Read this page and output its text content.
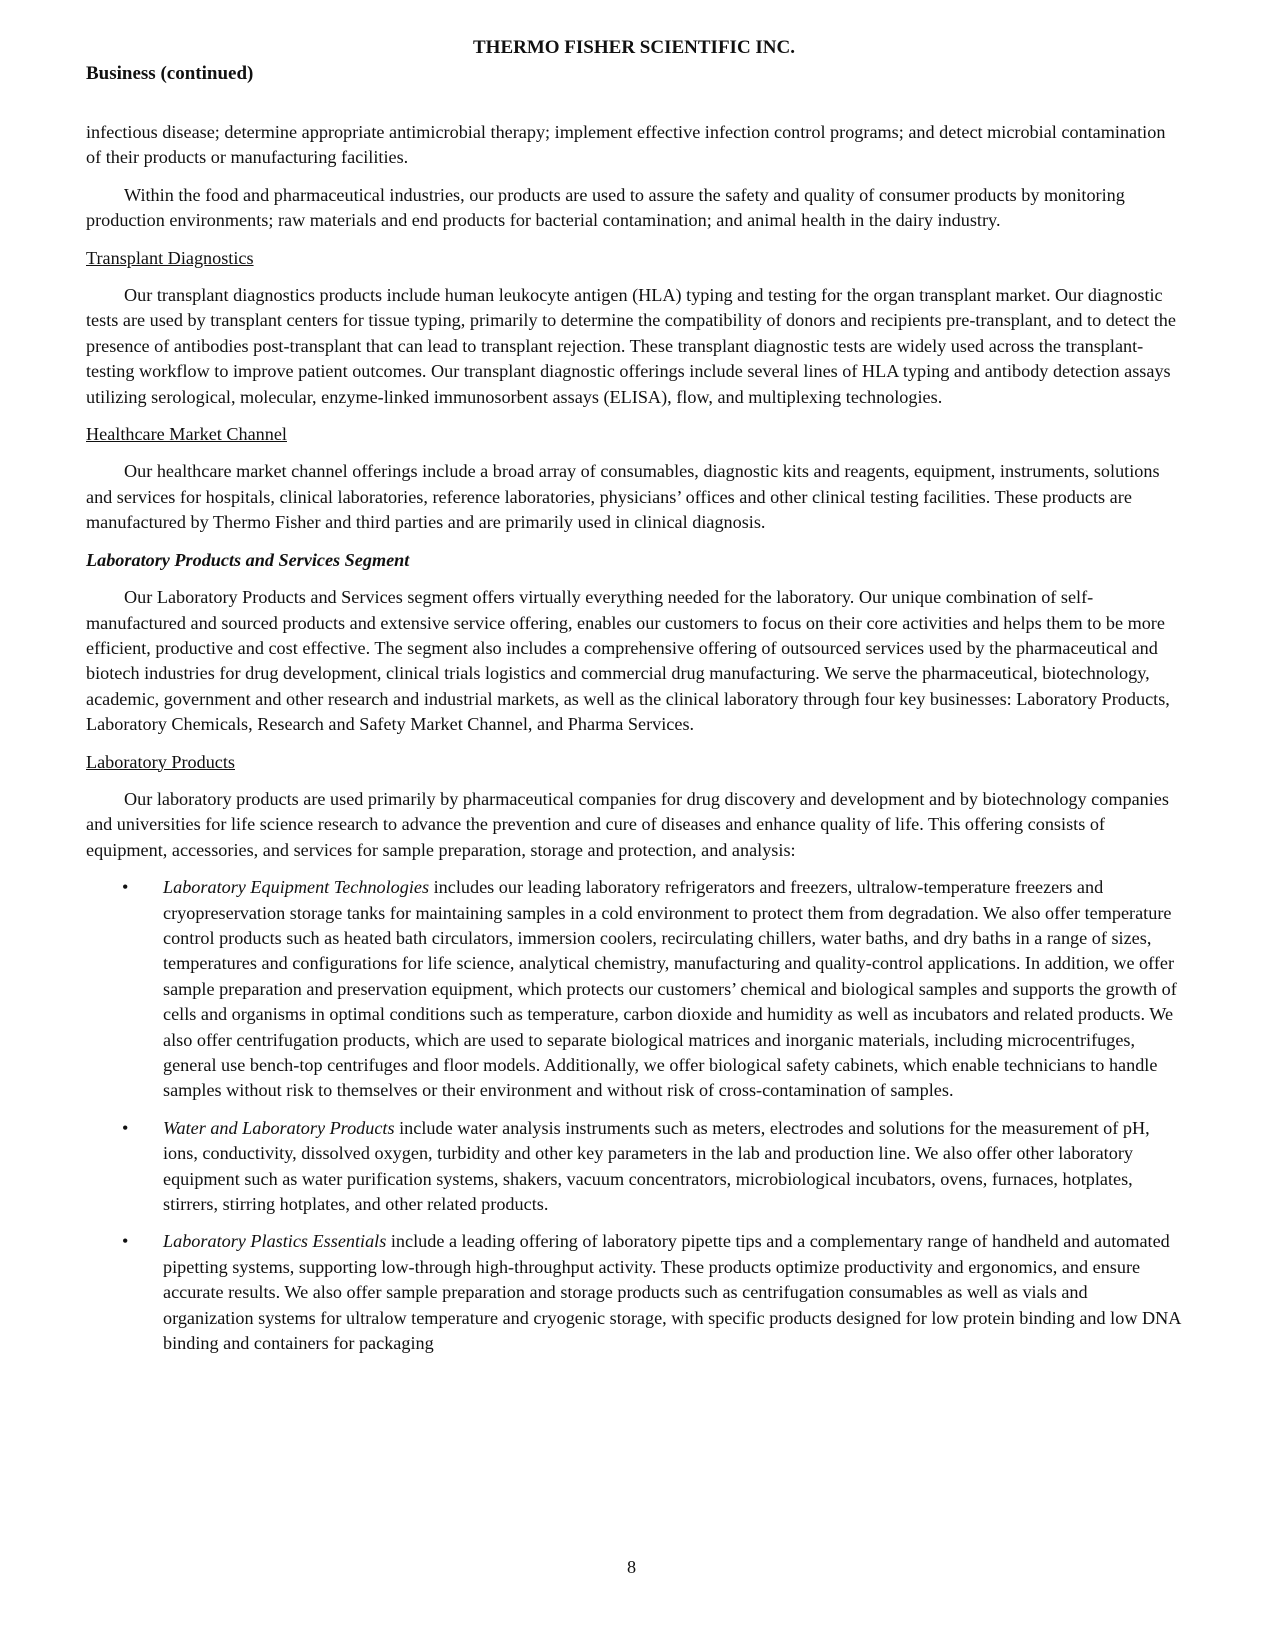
THERMO FISHER SCIENTIFIC INC.
Business (continued)

infectious disease; determine appropriate antimicrobial therapy; implement effective infection control programs; and detect microbial contamination of their products or manufacturing facilities.

Within the food and pharmaceutical industries, our products are used to assure the safety and quality of consumer products by monitoring production environments; raw materials and end products for bacterial contamination; and animal health in the dairy industry.

Transplant Diagnostics

Our transplant diagnostics products include human leukocyte antigen (HLA) typing and testing for the organ transplant market. Our diagnostic tests are used by transplant centers for tissue typing, primarily to determine the compatibility of donors and recipients pre-transplant, and to detect the presence of antibodies post-transplant that can lead to transplant rejection. These transplant diagnostic tests are widely used across the transplant-testing workflow to improve patient outcomes. Our transplant diagnostic offerings include several lines of HLA typing and antibody detection assays utilizing serological, molecular, enzyme-linked immunosorbent assays (ELISA), flow, and multiplexing technologies.

Healthcare Market Channel

Our healthcare market channel offerings include a broad array of consumables, diagnostic kits and reagents, equipment, instruments, solutions and services for hospitals, clinical laboratories, reference laboratories, physicians’ offices and other clinical testing facilities. These products are manufactured by Thermo Fisher and third parties and are primarily used in clinical diagnosis.

Laboratory Products and Services Segment

Our Laboratory Products and Services segment offers virtually everything needed for the laboratory. Our unique combination of self-manufactured and sourced products and extensive service offering, enables our customers to focus on their core activities and helps them to be more efficient, productive and cost effective. The segment also includes a comprehensive offering of outsourced services used by the pharmaceutical and biotech industries for drug development, clinical trials logistics and commercial drug manufacturing. We serve the pharmaceutical, biotechnology, academic, government and other research and industrial markets, as well as the clinical laboratory through four key businesses: Laboratory Products, Laboratory Chemicals, Research and Safety Market Channel, and Pharma Services.

Laboratory Products

Our laboratory products are used primarily by pharmaceutical companies for drug discovery and development and by biotechnology companies and universities for life science research to advance the prevention and cure of diseases and enhance quality of life. This offering consists of equipment, accessories, and services for sample preparation, storage and protection, and analysis:

• Laboratory Equipment Technologies includes our leading laboratory refrigerators and freezers, ultralow-temperature freezers and cryopreservation storage tanks for maintaining samples in a cold environment to protect them from degradation. We also offer temperature control products such as heated bath circulators, immersion coolers, recirculating chillers, water baths, and dry baths in a range of sizes, temperatures and configurations for life science, analytical chemistry, manufacturing and quality-control applications. In addition, we offer sample preparation and preservation equipment, which protects our customers’ chemical and biological samples and supports the growth of cells and organisms in optimal conditions such as temperature, carbon dioxide and humidity as well as incubators and related products. We also offer centrifugation products, which are used to separate biological matrices and inorganic materials, including microcentrifuges, general use bench-top centrifuges and floor models. Additionally, we offer biological safety cabinets, which enable technicians to handle samples without risk to themselves or their environment and without risk of cross-contamination of samples.
• Water and Laboratory Products include water analysis instruments such as meters, electrodes and solutions for the measurement of pH, ions, conductivity, dissolved oxygen, turbidity and other key parameters in the lab and production line. We also offer other laboratory equipment such as water purification systems, shakers, vacuum concentrators, microbiological incubators, ovens, furnaces, hotplates, stirrers, stirring hotplates, and other related products.
• Laboratory Plastics Essentials include a leading offering of laboratory pipette tips and a complementary range of handheld and automated pipetting systems, supporting low-through high-throughput activity. These products optimize productivity and ergonomics, and ensure accurate results. We also offer sample preparation and storage products such as centrifugation consumables as well as vials and organization systems for ultralow temperature and cryogenic storage, with specific products designed for low protein binding and low DNA binding and containers for packaging
8
